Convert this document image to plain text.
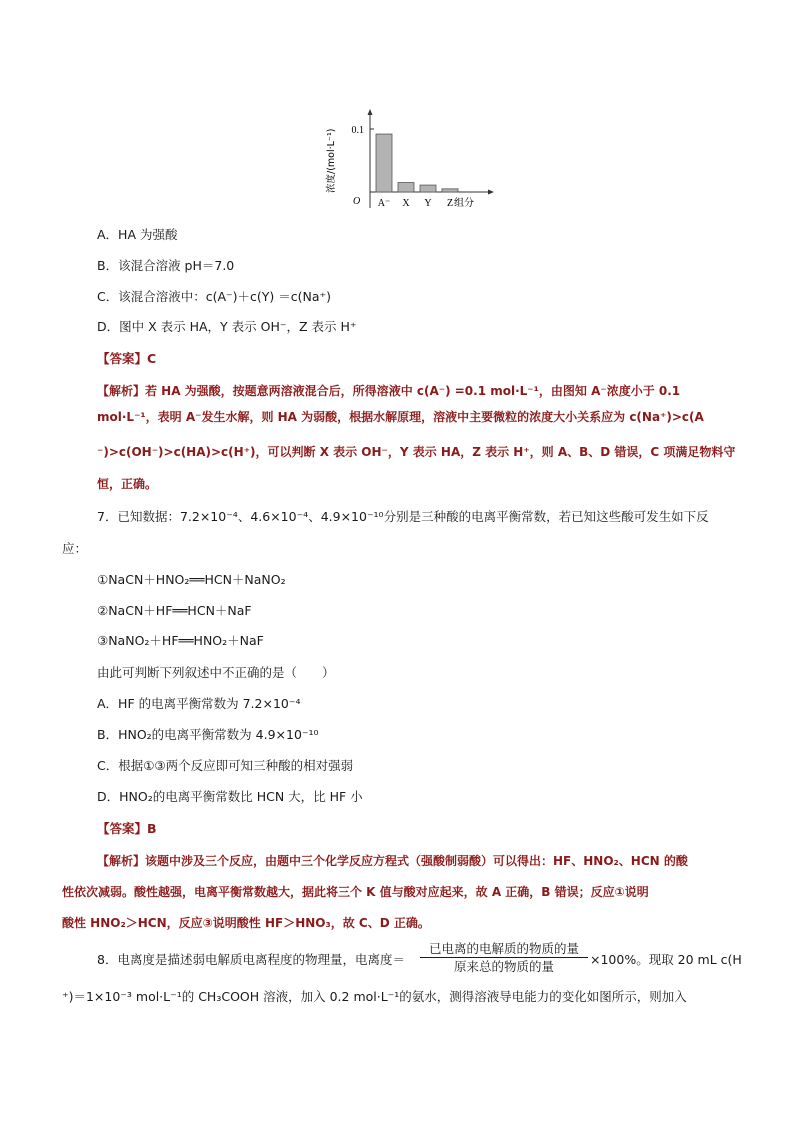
0.1
O
浓度/(mol·L⁻¹)
A⁻ X Y Z 组分
A．HA 为强酸
B．该混合溶液 pH＝7.0
C．该混合溶液中：c(A⁻)＋c(Y) ＝c(Na⁺)
D．图中 X 表示 HA，Y 表示 OH⁻，Z 表示 H⁺
【答案】C
【解析】若 HA 为强酸，按题意两溶液混合后，所得溶液中 c(A⁻) =0.1 mol·L⁻¹，由图知 A⁻浓度小于 0.1
mol·L⁻¹，表明 A⁻发生水解，则 HA 为弱酸，根据水解原理，溶液中主要微粒的浓度大小关系应为 c(Na⁺)>c(A
⁻)>c(OH⁻)>c(HA)>c(H⁺)，可以判断 X 表示 OH⁻，Y 表示 HA，Z 表示 H⁺，则 A、B、D 错误，C 项满足物料守
恒，正确。
7．已知数据：7.2×10⁻⁴、4.6×10⁻⁴、4.9×10⁻¹⁰分别是三种酸的电离平衡常数，若已知这些酸可发生如下反
应：
①NaCN＋HNO₂══HCN＋NaNO₂
②NaCN＋HF══HCN＋NaF
③NaNO₂＋HF══HNO₂＋NaF
由此可判断下列叙述中不正确的是（　　）
A．HF 的电离平衡常数为 7.2×10⁻⁴
B．HNO₂的电离平衡常数为 4.9×10⁻¹⁰
C．根据①③两个反应即可知三种酸的相对强弱
D．HNO₂的电离平衡常数比 HCN 大，比 HF 小
【答案】B
【解析】该题中涉及三个反应，由题中三个化学反应方程式（强酸制弱酸）可以得出：HF、HNO₂、HCN 的酸
性依次减弱。酸性越强，电离平衡常数越大，据此将三个 K 值与酸对应起来，故 A 正确，B 错误；反应①说明
酸性 HNO₂＞HCN，反应③说明酸性 HF＞HNO₃，故 C、D 正确。
8．电离度是描述弱电解质电离程度的物理量，电离度＝
已电离的电解质的物质的量
原来总的物质的量	×100%。现取 20 mL c(H
⁺)＝1×10⁻³ mol·L⁻¹的 CH₃COOH 溶液，加入 0.2 mol·L⁻¹的氨水，测得溶液导电能力的变化如图所示，则加入
